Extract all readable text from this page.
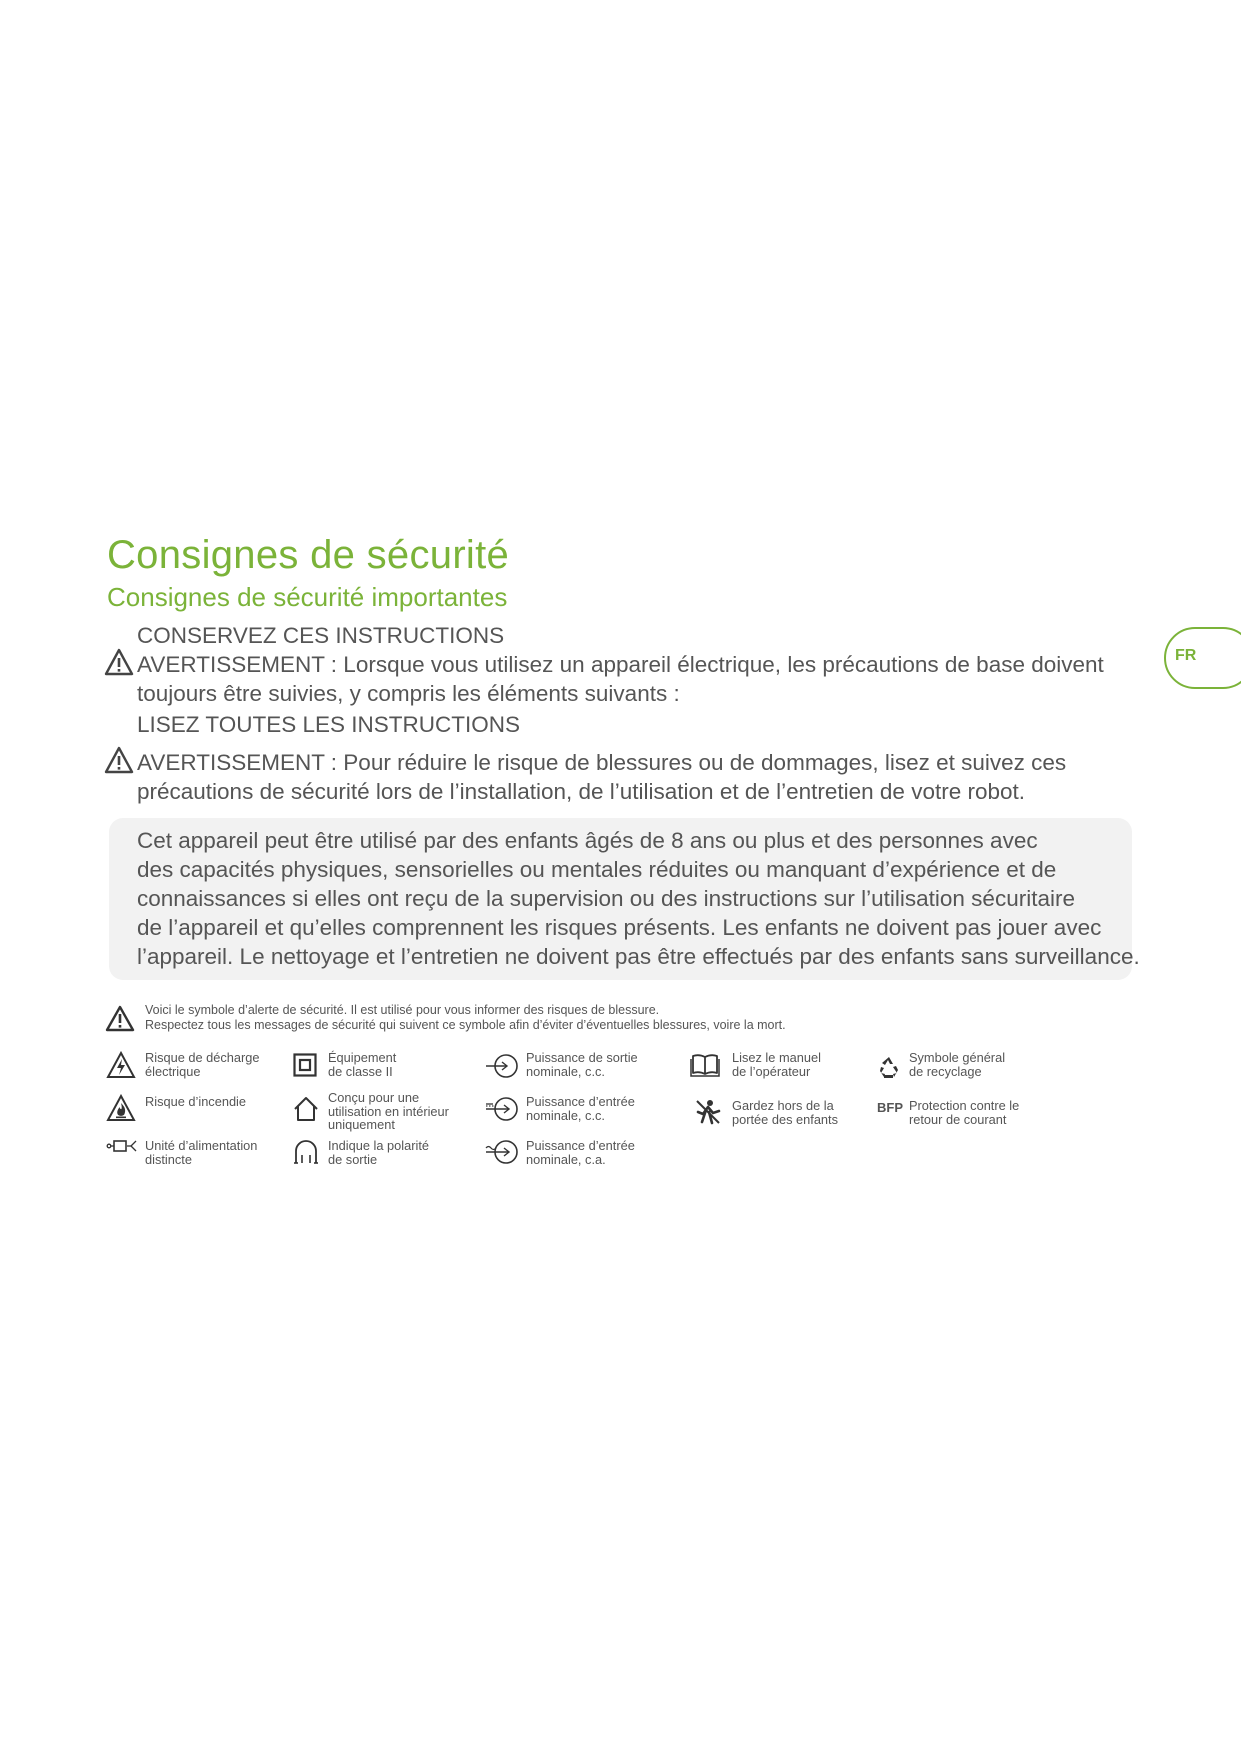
Consignes de sécurité
Consignes de sécurité importantes
FR
CONSERVEZ CES INSTRUCTIONS
AVERTISSEMENT : Lorsque vous utilisez un appareil électrique, les précautions de base doivent
toujours être suivies, y compris les éléments suivants :
LISEZ TOUTES LES INSTRUCTIONS
AVERTISSEMENT : Pour réduire le risque de blessures ou de dommages, lisez et suivez ces
précautions de sécurité lors de l’installation, de l’utilisation et de l’entretien de votre robot.
Cet appareil peut être utilisé par des enfants âgés de 8 ans ou plus et des personnes avec
des capacités physiques, sensorielles ou mentales réduites ou manquant d’expérience et de
connaissances si elles ont reçu de la supervision ou des instructions sur l’utilisation sécuritaire
de l’appareil et qu’elles comprennent les risques présents. Les enfants ne doivent pas jouer avec
l’appareil. Le nettoyage et l’entretien ne doivent pas être effectués par des enfants sans surveillance.
Voici le symbole d’alerte de sécurité. Il est utilisé pour vous informer des risques de blessure.
Respectez tous les messages de sécurité qui suivent ce symbole afin d’éviter d’éventuelles blessures, voire la mort.
Risque de décharge
électrique
Risque d’incendie
Unité d’alimentation
distincte
Équipement
de classe II
Conçu pour une
utilisation en intérieur
uniquement
Indique la polarité
de sortie
Puissance de sortie
nominale, c.c.
Puissance d’entrée
nominale, c.c.
Puissance d’entrée
nominale, c.a.
Lisez le manuel
de l’opérateur
Gardez hors de la
portée des enfants
Symbole général
de recyclage
BFP Protection contre le
retour de courant
